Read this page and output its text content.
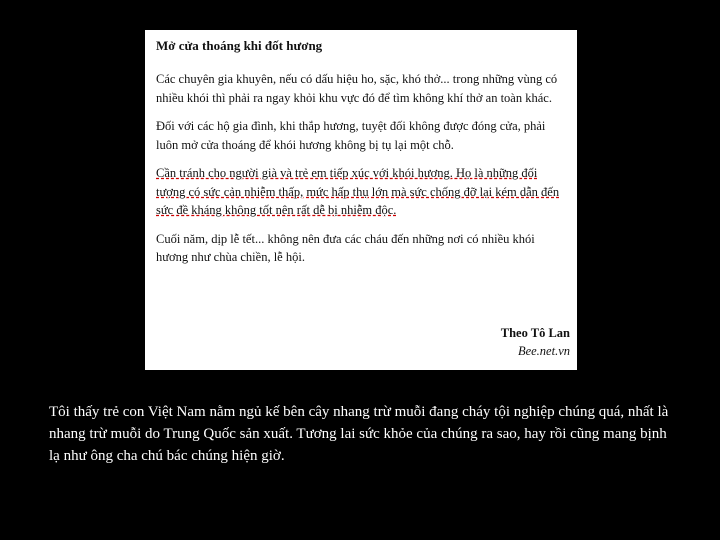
Mở cửa thoáng khi đốt hương

Các chuyên gia khuyên, nếu có dấu hiệu ho, sặc, khó thở... trong những vùng có nhiều khói thì phải ra ngay khỏi khu vực đó để tìm không khí thở an toàn khác.

Đối với các hộ gia đình, khi thắp hương, tuyệt đối không được đóng cửa, phải luôn mở cửa thoáng để khói hương không bị tụ lại một chỗ.

Cần tránh cho người già và trẻ em tiếp xúc với khói hương. Họ là những đối tượng có sức cản nhiễm thấp, mức hấp thụ lớn mà sức chống đỡ lại kém dẫn đến sức đề kháng không tốt nên rất dễ bị nhiễm độc.

Cuối năm, dịp lễ tết... không nên đưa các cháu đến những nơi có nhiều khói hương như chùa chiền, lễ hội.

Theo Tô Lan
Bee.net.vn
Tôi thấy trẻ con Việt Nam nằm ngủ kế bên cây nhang trừ muỗi đang cháy tội nghiệp chúng quá, nhất là nhang trừ muỗi do Trung Quốc sản xuất. Tương lai sức khỏe của chúng ra sao, hay rồi cũng mang bịnh lạ như ông cha chú bác chúng hiện giờ.
